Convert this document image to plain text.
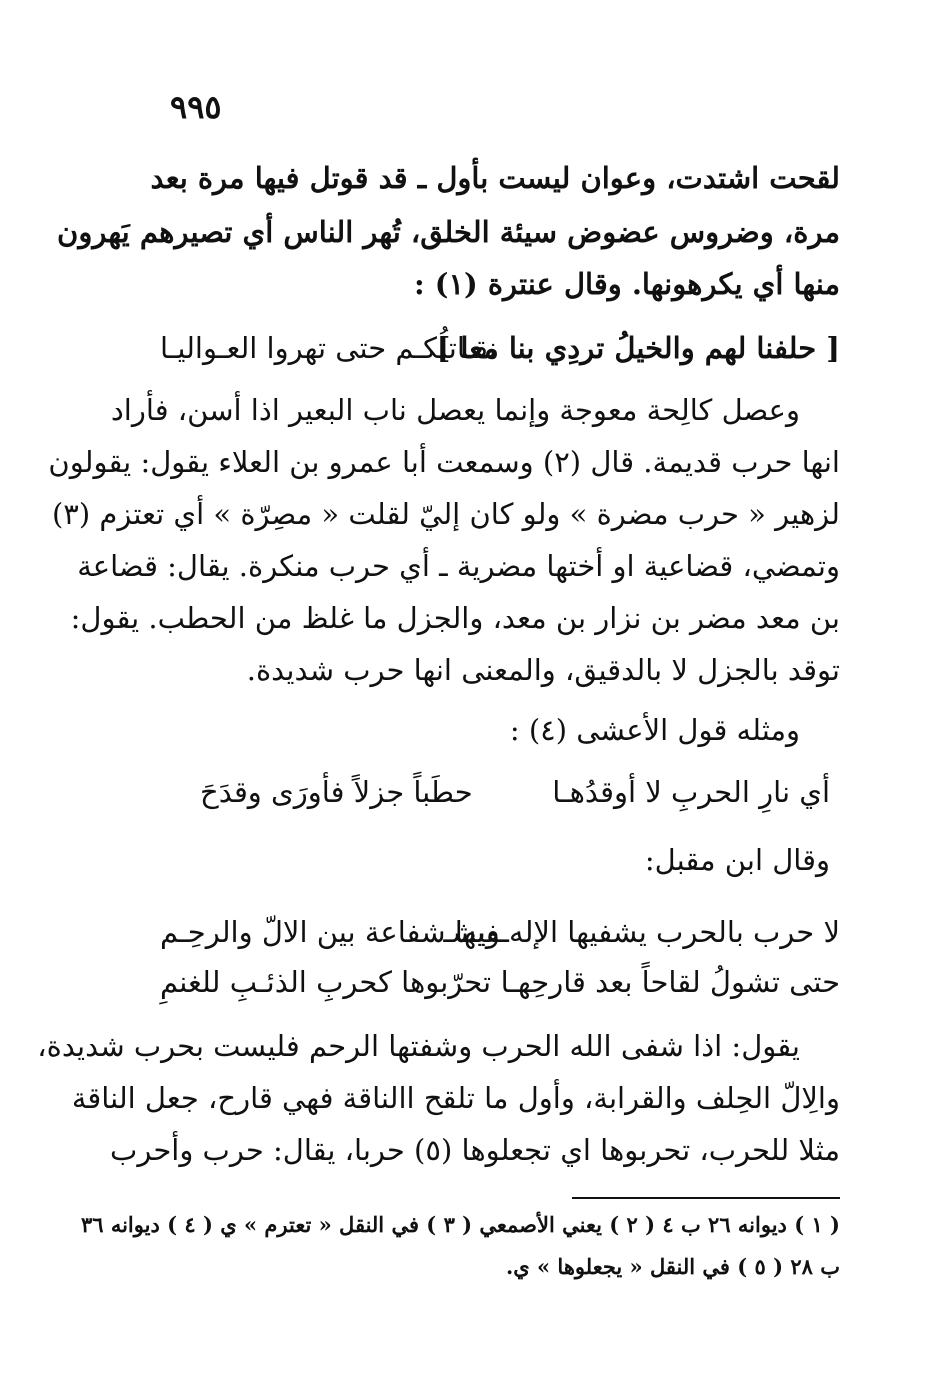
٩٩٥
لقحت اشتدت، وعوان ليست بأول ـ قد قوتل فيها مرة بعد
مرة، وضروس عضوض سيئة الخلق، تُهر الناس أي تصيرهم يَهرون
منها أي يكرهونها. وقال عنترة (١) :
[ حلفنا لهم والخيلُ تردِي بنا معا ]
نقـاتلُكـم حتى تهروا العـواليـا
وعصل كالِحة معوجة وإنما يعصل ناب البعير اذا أسن، فأراد
انها حرب قديمة. قال (٢) وسمعت أبا عمرو بن العلاء يقول: يقولون
لزهير « حرب مضرة » ولو كان إليّ لقلت « مصِرّة » أي تعتزم (٣)
وتمضي، قضاعية او أختها مضرية ـ أي حرب منكرة. يقال: قضاعة
بن معد مضر بن نزار بن معد، والجزل ما غلظ من الحطب. يقول:
توقد بالجزل لا بالدقيق، والمعنى انها حرب شديدة.
ومثله قول الأعشى (٤) :
أي نارِ الحربِ لا أوقدُهـا
حطَباً جزلاً فأورَى وقدَحَ
وقال ابن مقبل:
لا حرب بالحرب يشفيها الإله ويشـ
ـفيها شفاعة بين الالّ والرحِـم
حتى تشولُ لقاحاً بعد قارحِهـا
تحرّبوها كحربِ الذئـبِ للغنمِ
يقول: اذا شفى الله الحرب وشفتها الرحم فليست بحرب شديدة،
والِالّ الحِلف والقرابة، وأول ما تلقح االناقة فهي قارح، جعل الناقة
مثلا للحرب، تحربوها اي تجعلوها (٥) حربا، يقال: حرب وأحرب
( ١ ) ديوانه ٢٦ ب ٤ ( ٢ ) يعني الأصمعي ( ٣ ) في النقل « تعترم » ي ( ٤ ) ديوانه ٣٦
ب ٢٨ ( ٥ ) في النقل « يجعلوها » ي.
